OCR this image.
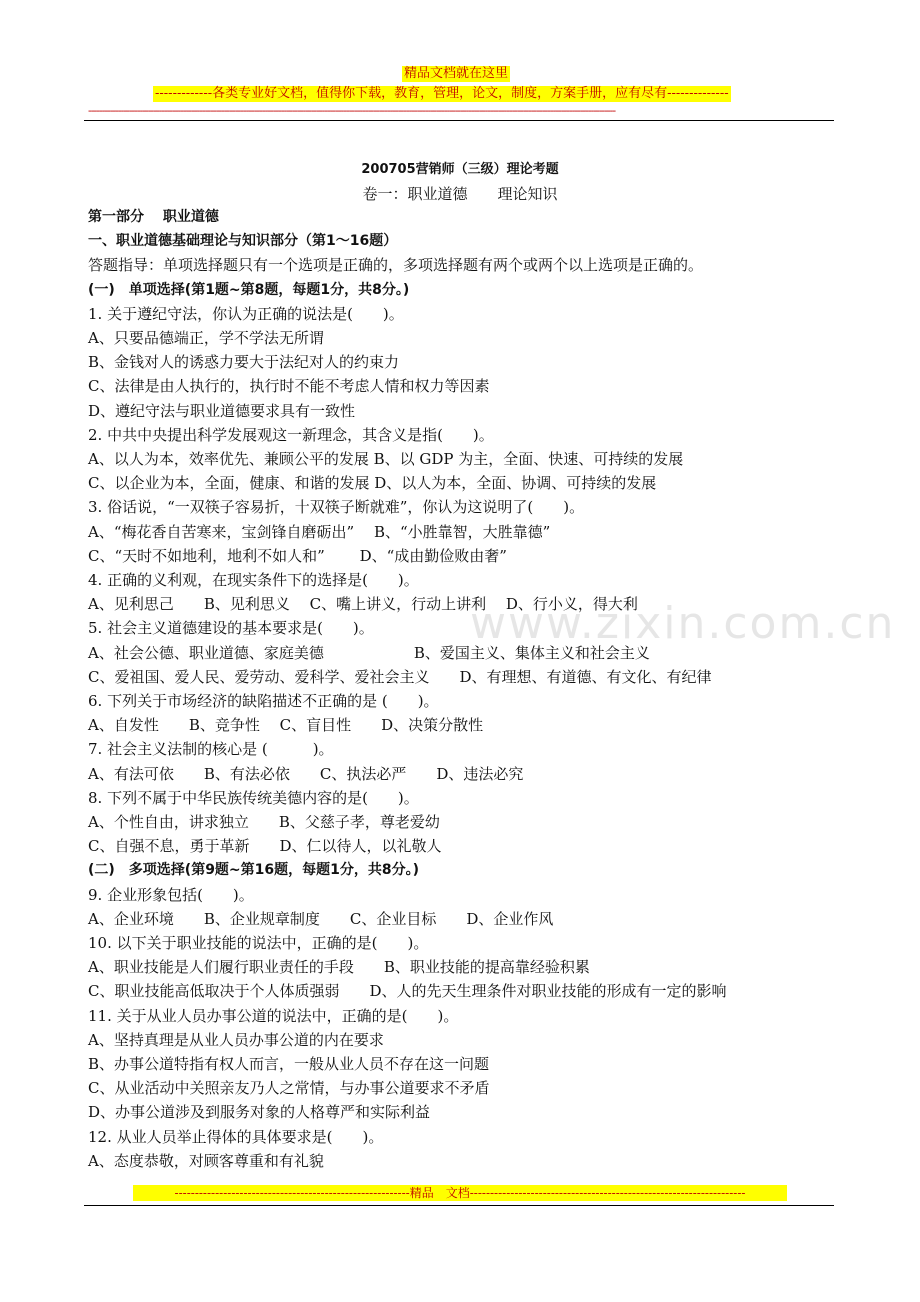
精品文档就在这里
-------------各类专业好文档，值得你下载，教育，管理，论文，制度，方案手册，应有尽有--------------
--------------------------------------------------------------------------------------------------------------------------------------------------------------------------------------------------
www.zixin.com.cn
200705营销师（三级）理论考题
卷一：职业道德　　理论知识
第一部分　 职业道德
一、职业道德基础理论与知识部分（第1～16题）
答题指导：单项选择题只有一个选项是正确的，多项选择题有两个或两个以上选项是正确的。
(一)　单项选择(第1题~第8题，每题1分，共8分。)
1. 关于遵纪守法，你认为正确的说法是(　　)。
A、只要品德端正，学不学法无所谓
B、金钱对人的诱惑力要大于法纪对人的约束力
C、法律是由人执行的，执行时不能不考虑人情和权力等因素
D、遵纪守法与职业道德要求具有一致性
2. 中共中央提出科学发展观这一新理念，其含义是指(　　)。
A、以人为本，效率优先、兼顾公平的发展 B、以 GDP 为主，全面、快速、可持续的发展
C、以企业为本，全面，健康、和谐的发展 D、以人为本，全面、协调、可持续的发展
3. 俗话说，“一双筷子容易折，十双筷子断就难”，你认为这说明了(　　)。
A、“梅花香自苦寒来，宝剑锋自磨砺出”　 B、“小胜靠智，大胜靠德”
C、“天时不如地利，地利不如人和”　　 D、“成由勤俭败由奢”
4. 正确的义利观，在现实条件下的选择是(　　)。
A、见利思己　　B、见利思义　 C、嘴上讲义，行动上讲利　 D、行小义，得大利
5. 社会主义道德建设的基本要求是(　　)。
A、社会公德、职业道德、家庭美德　　　　　　B、爱国主义、集体主义和社会主义
C、爱祖国、爱人民、爱劳动、爱科学、爱社会主义　　D、有理想、有道德、有文化、有纪律
6. 下列关于市场经济的缺陷描述不正确的是 (　　)。
A、自发性　　B、竞争性　 C、盲目性　　D、决策分散性
7. 社会主义法制的核心是 (　　　)。
A、有法可依　　B、有法必依　　C、执法必严　　D、违法必究
8. 下列不属于中华民族传统美德内容的是(　　)。
A、个性自由，讲求独立　　B、父慈子孝，尊老爱幼
C、自强不息，勇于革新　　D、仁以待人，以礼敬人
(二)　多项选择(第9题~第16题，每题1分，共8分。)
9. 企业形象包括(　　)。
A、企业环境　　B、企业规章制度　　C、企业目标　　D、企业作风
10. 以下关于职业技能的说法中，正确的是(　　)。
A、职业技能是人们履行职业责任的手段　　B、职业技能的提高靠经验积累
C、职业技能高低取决于个人体质强弱　　D、人的先天生理条件对职业技能的形成有一定的影响
11. 关于从业人员办事公道的说法中，正确的是(　　)。
A、坚持真理是从业人员办事公道的内在要求
B、办事公道特指有权人而言，一般从业人员不存在这一问题
C、从业活动中关照亲友乃人之常情，与办事公道要求不矛盾
D、办事公道涉及到服务对象的人格尊严和实际利益
12. 从业人员举止得体的具体要求是(　　)。
A、态度恭敬，对顾客尊重和有礼貌
----------------------------------------------------------精品　文档--------------------------------------------------------------------
